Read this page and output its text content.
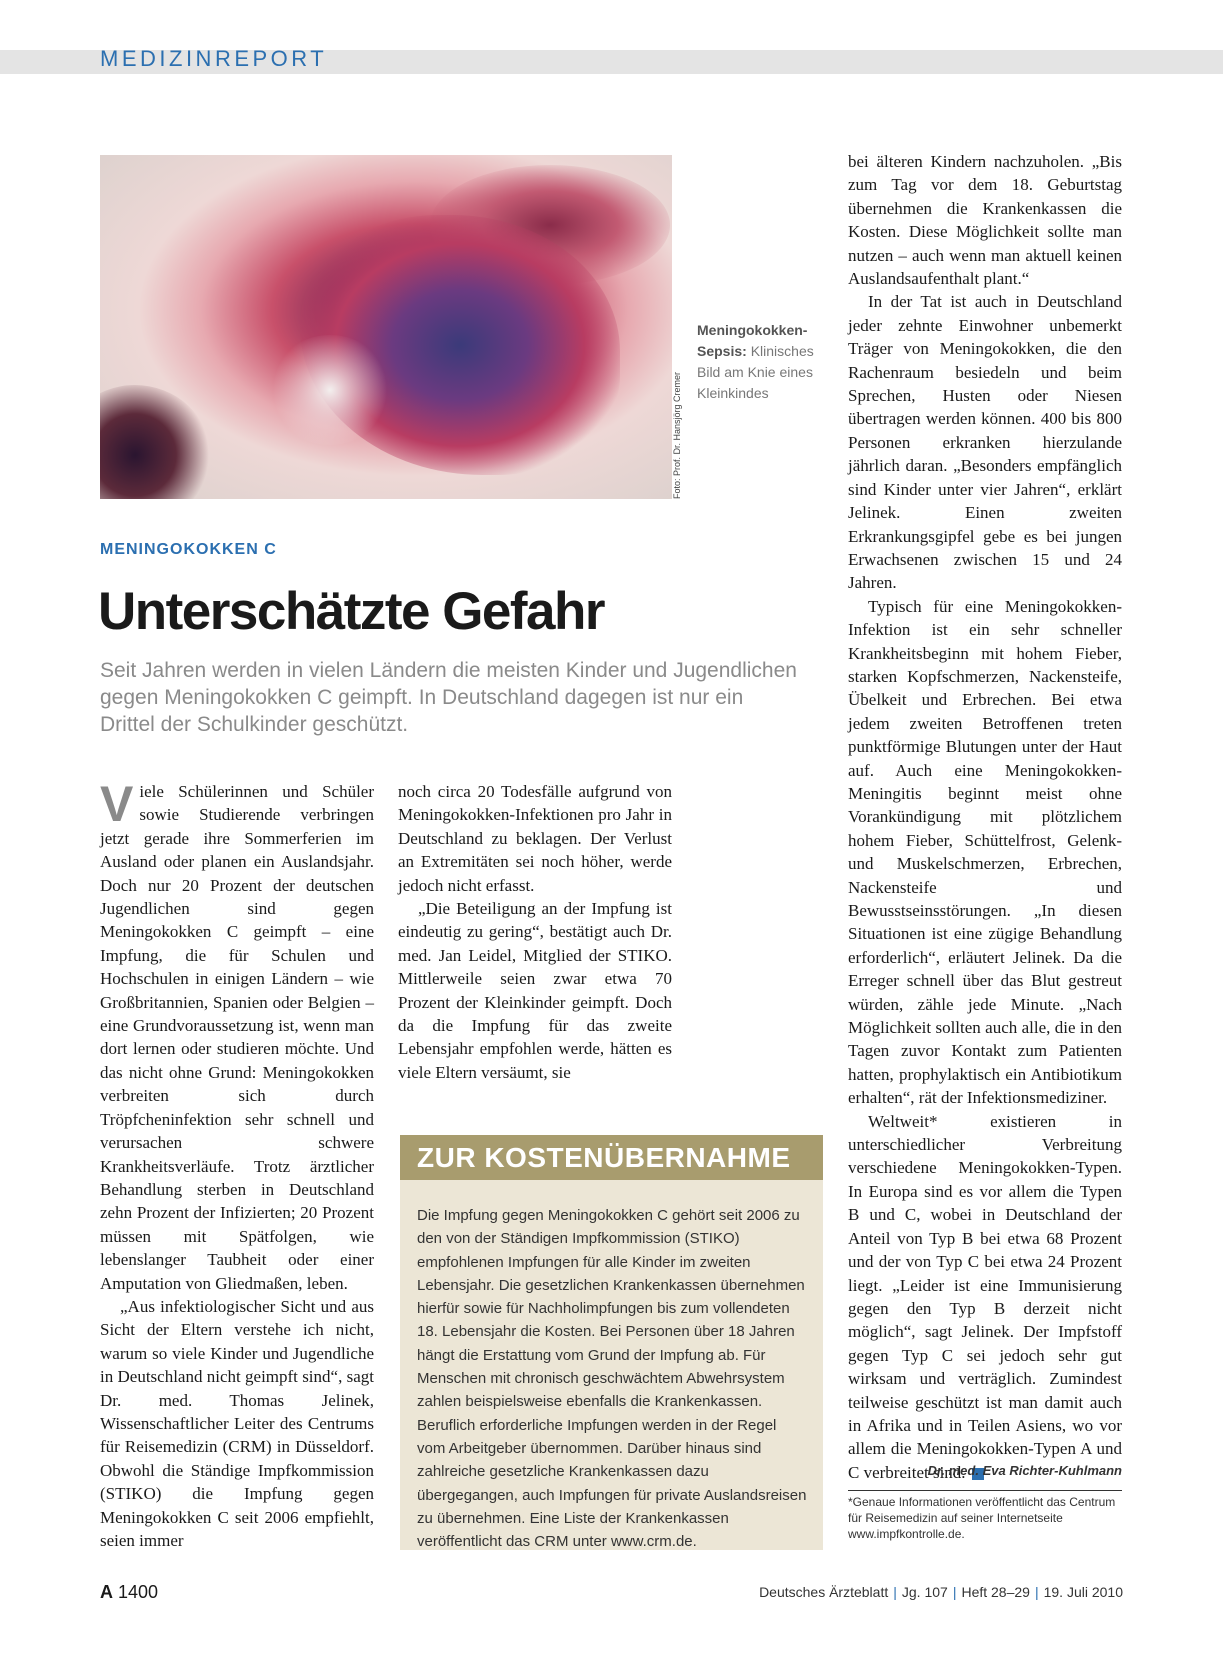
MEDIZINREPORT
Foto: Prof. Dr. Hansjörg Cremer
Meningokokken-Sepsis: Klinisches Bild am Knie eines Kleinkindes
MENINGOKOKKEN C
Unterschätzte Gefahr
Seit Jahren werden in vielen Ländern die meisten Kinder und Jugendlichen gegen Meningokokken C geimpft. In Deutschland dagegen ist nur ein Drittel der Schulkinder geschützt.

Viele Schülerinnen und Schüler sowie Studierende verbringen jetzt gerade ihre Sommerferien im Ausland oder planen ein Auslandsjahr. Doch nur 20 Prozent der deutschen Jugendlichen sind gegen Meningokokken C geimpft – eine Impfung, die für Schulen und Hochschulen in einigen Ländern – wie Großbritannien, Spanien oder Belgien – eine Grundvoraussetzung ist, wenn man dort lernen oder studieren möchte. Und das nicht ohne Grund: Meningokokken verbreiten sich durch Tröpfcheninfektion sehr schnell und verursachen schwere Krankheitsverläufe. Trotz ärztlicher Behandlung sterben in Deutschland zehn Prozent der Infizierten; 20 Prozent müssen mit Spätfolgen, wie lebenslanger Taubheit oder einer Amputation von Gliedmaßen, leben.

„Aus infektiologischer Sicht und aus Sicht der Eltern verstehe ich nicht, warum so viele Kinder und Jugendliche in Deutschland nicht geimpft sind“, sagt Dr. med. Thomas Jelinek, Wissenschaftlicher Leiter des Centrums für Reisemedizin (CRM) in Düsseldorf. Obwohl die Ständige Impfkommission (STIKO) die Impfung gegen Meningokokken C seit 2006 empfiehlt, seien immer

noch circa 20 Todesfälle aufgrund von Meningokokken-Infektionen pro Jahr in Deutschland zu beklagen. Der Verlust an Extremitäten sei noch höher, werde jedoch nicht erfasst.

„Die Beteiligung an der Impfung ist eindeutig zu gering“, bestätigt auch Dr. med. Jan Leidel, Mitglied der STIKO. Mittlerweile seien zwar etwa 70 Prozent der Kleinkinder geimpft. Doch da die Impfung für das zweite Lebensjahr empfohlen werde, hätten es viele Eltern versäumt, sie

ZUR KOSTENÜBERNAHME
Die Impfung gegen Meningokokken C gehört seit 2006 zu den von der Ständigen Impfkommission (STIKO) empfohlenen Impfungen für alle Kinder im zweiten Lebensjahr. Die gesetzlichen Krankenkassen übernehmen hierfür sowie für Nachholimpfungen bis zum vollendeten 18. Lebensjahr die Kosten. Bei Personen über 18 Jahren hängt die Erstattung vom Grund der Impfung ab. Für Menschen mit chronisch geschwächtem Abwehrsystem zahlen beispielsweise ebenfalls die Krankenkassen. Beruflich erforderliche Impfungen werden in der Regel vom Arbeitgeber übernommen. Darüber hinaus sind zahlreiche gesetzliche Krankenkassen dazu übergegangen, auch Impfungen für private Auslandsreisen zu übernehmen. Eine Liste der Krankenkassen veröffentlicht das CRM unter www.crm.de.

bei älteren Kindern nachzuholen. „Bis zum Tag vor dem 18. Geburtstag übernehmen die Krankenkassen die Kosten. Diese Möglichkeit sollte man nutzen – auch wenn man aktuell keinen Auslandsaufenthalt plant.“

In der Tat ist auch in Deutschland jeder zehnte Einwohner unbemerkt Träger von Meningokokken, die den Rachenraum besiedeln und beim Sprechen, Husten oder Niesen übertragen werden können. 400 bis 800 Personen erkranken hierzulande jährlich daran. „Besonders empfänglich sind Kinder unter vier Jahren“, erklärt Jelinek. Einen zweiten Erkrankungsgipfel gebe es bei jungen Erwachsenen zwischen 15 und 24 Jahren.

Typisch für eine Meningokokken-Infektion ist ein sehr schneller Krankheitsbeginn mit hohem Fieber, starken Kopfschmerzen, Nackensteife, Übelkeit und Erbrechen. Bei etwa jedem zweiten Betroffenen treten punktförmige Blutungen unter der Haut auf. Auch eine Meningokokken-Meningitis beginnt meist ohne Vorankündigung mit plötzlichem hohem Fieber, Schüttelfrost, Gelenk- und Muskelschmerzen, Erbrechen, Nackensteife und Bewusstseinsstörungen. „In diesen Situationen ist eine zügige Behandlung erforderlich“, erläutert Jelinek. Da die Erreger schnell über das Blut gestreut würden, zähle jede Minute. „Nach Möglichkeit sollten auch alle, die in den Tagen zuvor Kontakt zum Patienten hatten, prophylaktisch ein Antibiotikum erhalten“, rät der Infektionsmediziner.

Weltweit* existieren in unterschiedlicher Verbreitung verschiedene Meningokokken-Typen. In Europa sind es vor allem die Typen B und C, wobei in Deutschland der Anteil von Typ B bei etwa 68 Prozent und der von Typ C bei etwa 24 Prozent liegt. „Leider ist eine Immunisierung gegen den Typ B derzeit nicht möglich“, sagt Jelinek. Der Impfstoff gegen Typ C sei jedoch sehr gut wirksam und verträglich. Zumindest teilweise geschützt ist man damit auch in Afrika und in Teilen Asiens, wo vor allem die Meningokokken-Typen A und C verbreitet sind.

Dr. med. Eva Richter-Kuhlmann
*Genaue Informationen veröffentlicht das Centrum für Reisemedizin auf seiner Internetseite www.impfkontrolle.de.
A 1400	Deutsches Ärzteblatt | Jg. 107 | Heft 28–29 | 19. Juli 2010
